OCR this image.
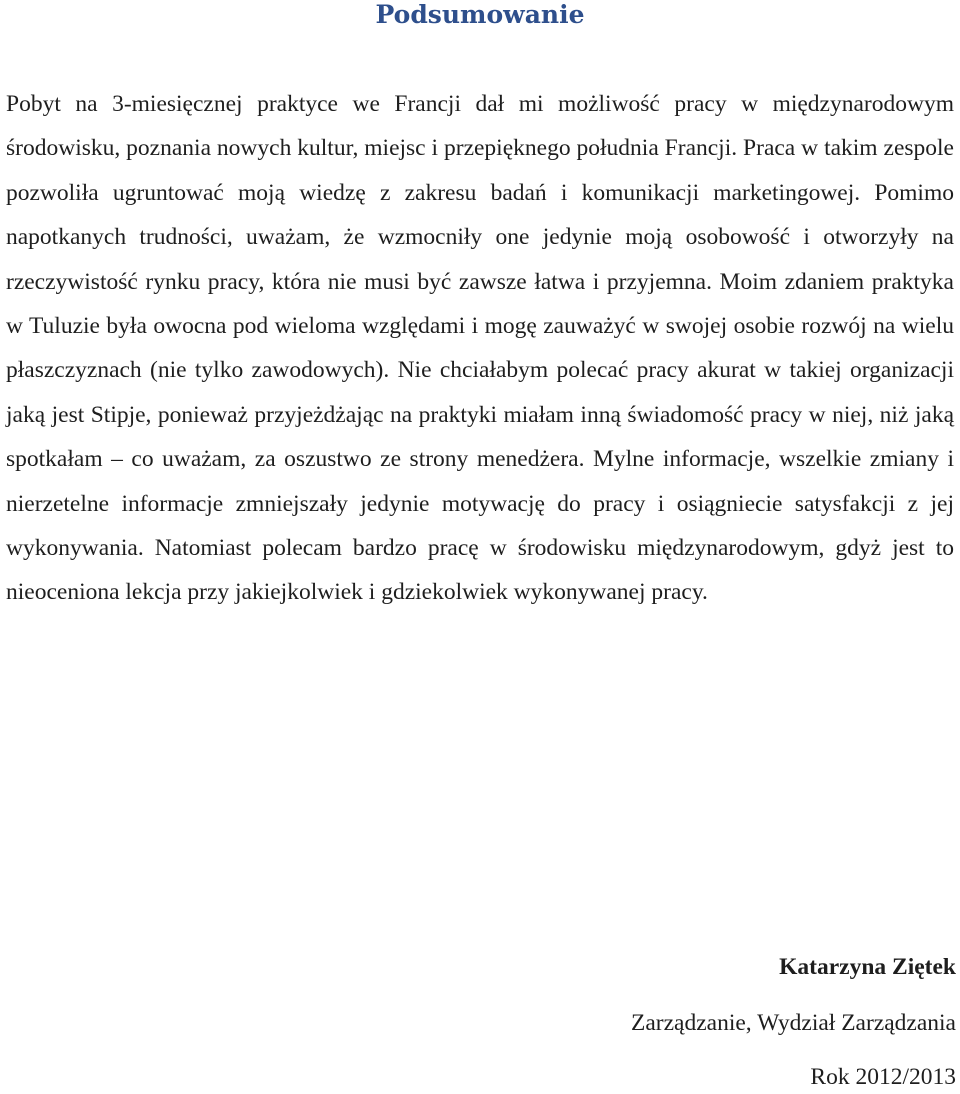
Podsumowanie

Pobyt na 3-miesięcznej praktyce we Francji dał mi możliwość pracy w międzynarodowym środowisku, poznania nowych kultur, miejsc i przepięknego południa Francji. Praca w takim zespole pozwoliła ugruntować moją wiedzę z zakresu badań i komunikacji marketingowej. Pomimo napotkanych trudności, uważam, że wzmocniły one jedynie moją osobowość i otworzyły na rzeczywistość rynku pracy, która nie musi być zawsze łatwa i przyjemna. Moim zdaniem praktyka w Tuluzie była owocna pod wieloma względami i mogę zauważyć w swojej osobie rozwój na wielu płaszczyznach (nie tylko zawodowych). Nie chciałabym polecać pracy akurat w takiej organizacji jaką jest Stipje, ponieważ przyjeżdżając na praktyki miałam inną świadomość pracy w niej, niż jaką spotkałam – co uważam, za oszustwo ze strony menedżera. Mylne informacje, wszelkie zmiany i nierzetelne informacje zmniejszały jedynie motywację do pracy i osiągniecie satysfakcji z jej wykonywania. Natomiast polecam bardzo pracę w środowisku międzynarodowym, gdyż jest to nieoceniona lekcja przy jakiejkolwiek i gdziekolwiek wykonywanej pracy.

Katarzyna Ziętek

Zarządzanie, Wydział Zarządzania

Rok 2012/2013
